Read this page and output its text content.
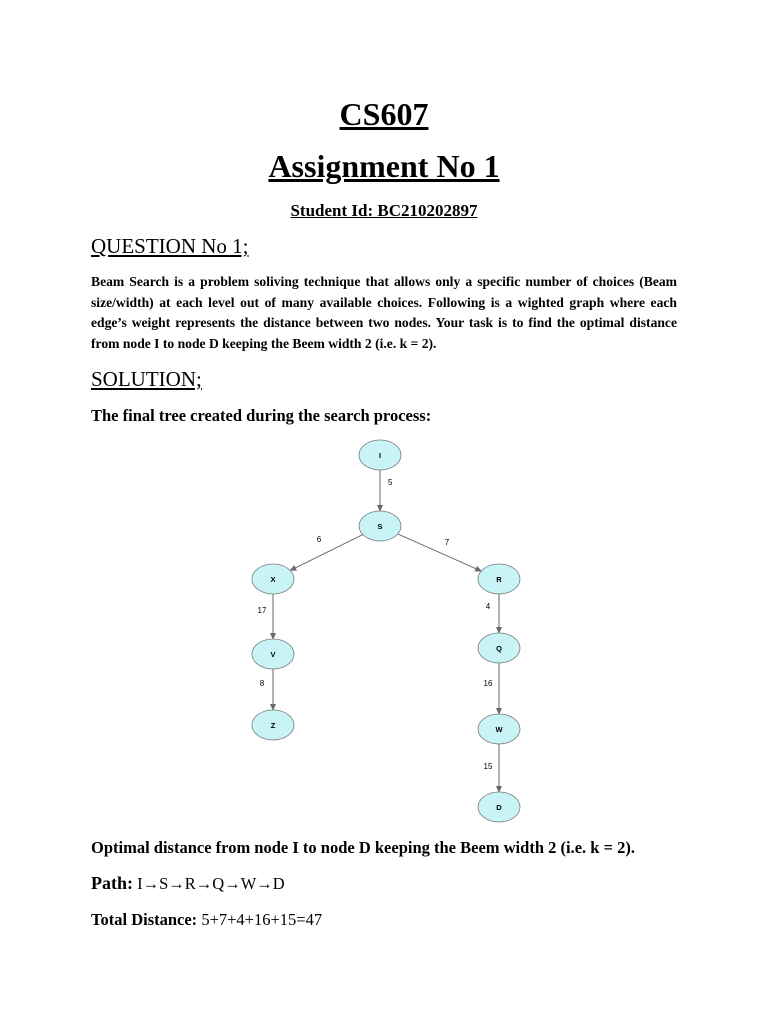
CS607
Assignment No 1
Student Id: BC210202897
QUESTION No 1;
Beam Search is a problem soliving technique that allows only a specific number of choices (Beam size/width) at each level out of many available choices. Following is a wighted graph where each edge’s weight represents the distance between two nodes. Your task is to find the optimal distance from node I to node D keeping the Beem width 2 (i.e. k = 2).
SOLUTION;
The final tree created during the search process:
5
6	7
17
8
4
16
15
I
S
X	R
V
Q
Z	W
D
Optimal distance from node I to node D keeping the Beem width 2 (i.e. k = 2).
Path: I→S→R→Q→W→D
Total Distance: 5+7+4+16+15=47
